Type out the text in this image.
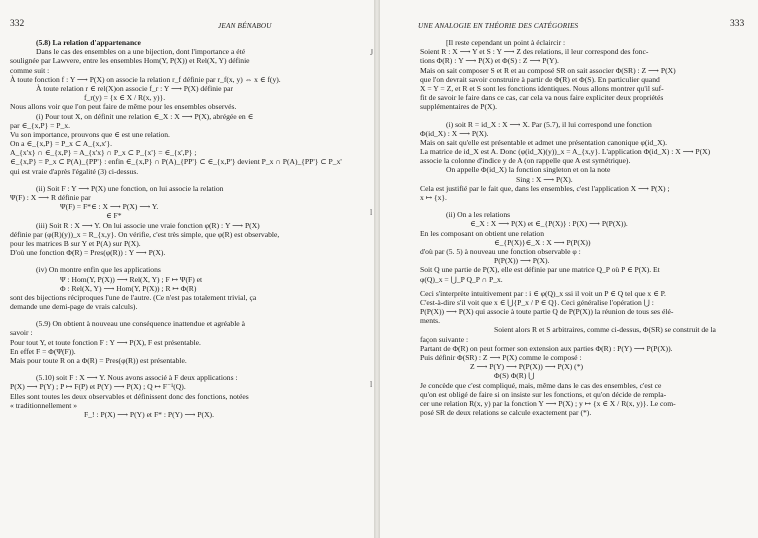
332	JEAN BÉNABOU
(5.8) La relation d'appartenance
Dans le cas des ensembles on a une bijection, dont l'importance a été
soulignée par Lawvere, entre les ensembles Hom(Y, P(X)) et Rel(X, Y) définie
comme suit :
À toute fonction f : Y ⟶ P(X) on associe la relation r_f définie par r_f(x, y) ⇔ x ∈ f(y).
À toute relation r ∈ rel(X)on associe f_r : Y ⟶ P(X) définie par
f_r(y) = {x ∈ X / R(x, y)}.
Nous allons voir que l'on peut faire de même pour les ensembles observés.
(i) Pour tout X, on définit une relation ∈_X : X ⟶ P(X), abrégée en ∈
par ∈_{x,P} = P_x.
Vu son importance, prouvons que ∈ est une relation.
On a ∈_{x,P} = P_x ⊂ A_{x,x'}.
A_{x'x} ∩ ∈_{x,P} = A_{x'x} ∩ P_x ⊂ P_{x'} = ∈_{x',P} ;
∈_{x,P} = P_x ⊂ P(A)_{PP'} : enfin ∈_{x,P} ∩ P(A)_{PP'} ⊂ ∈_{x,P'} devient P_x ∩ P(A)_{PP'} ⊂ P_x'
qui est vraie d'après l'égalité (3) ci-dessus.
(ii) Soit F : Y ⟶ P(X) une fonction, on lui associe la relation
Ψ(F) : X ⟶ R définie par
Ψ(F) = F*∈ : X ⟶ P(X) ⟶ Y.
∈ F*
(iii) Soit R : X ⟶ Y. On lui associe une vraie fonction φ(R) : Y ⟶ P(X)
définie par (φ(R)(y))_x = R_{x,y}. On vérifie, c'est très simple, que φ(R) est observable,
pour les matrices B sur Y et P(A) sur P(X).
D'où une fonction Φ(R) = Pres(φ(R)) : Y ⟶ P(X).
(iv) On montre enfin que les applications
Ψ : Hom(Y, P(X)) ⟶ Rel(X, Y) ; F ↦ Ψ(F) et
Φ : Rel(X, Y) ⟶ Hom(Y, P(X)) ; R ↦ Φ(R)
sont des bijections réciproques l'une de l'autre. (Ce n'est pas totalement trivial, ça
demande une demi-page de vrais calculs).
(5.9) On obtient à nouveau une conséquence inattendue et agréable à
savoir :
Pour tout Y, et toute fonction F : Y ⟶ P(X), F est présentable.
En effet F = Φ(Ψ(F)).
Mais pour toute R on a Φ(R) = Pres(φ(R)) est présentable.
(5.10) soit F : X ⟶ Y. Nous avons associé à F deux applications :
P(X) ⟶ P(Y) ; P ↦ F(P) et P(Y) ⟶ P(X) ; Q ↦ F⁻¹(Q).
Elles sont toutes les deux observables et définissent donc des fonctions, notées
« traditionnellement »
F_! : P(X) ⟶ P(Y) et F* : P(Y) ⟶ P(X).
J
l
l
UNE ANALOGIE EN THÉORIE DES CATÉGORIES	333
[Il reste cependant un point à éclaircir :
Soient R : X ⟶ Y et S : Y ⟶ Z des relations, il leur correspond des fonc-
tions Φ(R) : Y ⟶ P(X) et Φ(S) : Z ⟶ P(Y).
Mais on sait composer S et R et au composé SR on sait associer Φ(SR) : Z ⟶ P(X)
que l'on devrait savoir construire à partir de Φ(R) et Φ(S). En particulier quand
X = Y = Z, et R et S sont les fonctions identiques. Nous allons montrer qu'il suf-
fit de savoir le faire dans ce cas, car cela va nous faire expliciter deux propriétés
supplémentaires de P(X).
(i) soit R = id_X : X ⟶ X. Par (5.7), il lui correspond une fonction
Φ(id_X) : X ⟶ P(X).
Mais on sait qu'elle est présentable et admet une présentation canonique φ(id_X).
La matrice de id_X est A. Donc (φ(id_X)(y))_x = A_{x,y}. L'application Φ(id_X) : X ⟶ P(X)
associe la colonne d'indice y de A (on rappelle que A est symétrique).
On appelle Φ(id_X) la fonction singleton et on la note
Sing : X ⟶ P(X).
Cela est justifié par le fait que, dans les ensembles, c'est l'application X ⟶ P(X) ;
x ↦ {x}.
(ii) On a les relations
∈_X : X ⟶ P(X) et ∈_{P(X)} : P(X) ⟶ P(P(X)).
En les composant on obtient une relation
∈_{P(X)}∈_X : X ⟶ P(P(X))
d'où par (5. 5) à nouveau une fonction observable φ :
P(P(X)) ⟶ P(X).
Soit Q une partie de P(X), elle est définie par une matrice Q_P où P ∈ P(X). Et
φ(Q)_x = ⋃_P Q_P ∩ P_x.
Ceci s'interprète intuitivement par : i ∈ φ(Q)_x ssi il voit un P ∈ Q tel que x ∈ P.
C'est-à-dire s'il voit que x ∈ ⋃{P_x / P ∈ Q}. Ceci généralise l'opération ⋃ :
P(P(X)) ⟶ P(X) qui associe à toute partie Q de P(P(X)) la réunion de tous ses élé-
ments.
Soient alors R et S arbitraires, comme ci-dessus, Φ(SR) se construit de la
façon suivante :
Partant de Φ(R) on peut former son extension aux parties Φ(R) : P(Y) ⟶ P(P(X)).
Puis définir Φ(SR) : Z ⟶ P(X) comme le composé :
Z ⟶ P(Y) ⟶ P(P(X)) ⟶ P(X) (*)
Φ(S) Φ(R) ⋃
Je concède que c'est compliqué, mais, même dans le cas des ensembles, c'est ce
qu'on est obligé de faire si on insiste sur les fonctions, et qu'on décide de rempla-
cer une relation R(x, y) par la fonction Y ⟶ P(X) ; y ↦ {x ∈ X / R(x, y)}. Le com-
posé SR de deux relations se calcule exactement par (*).
